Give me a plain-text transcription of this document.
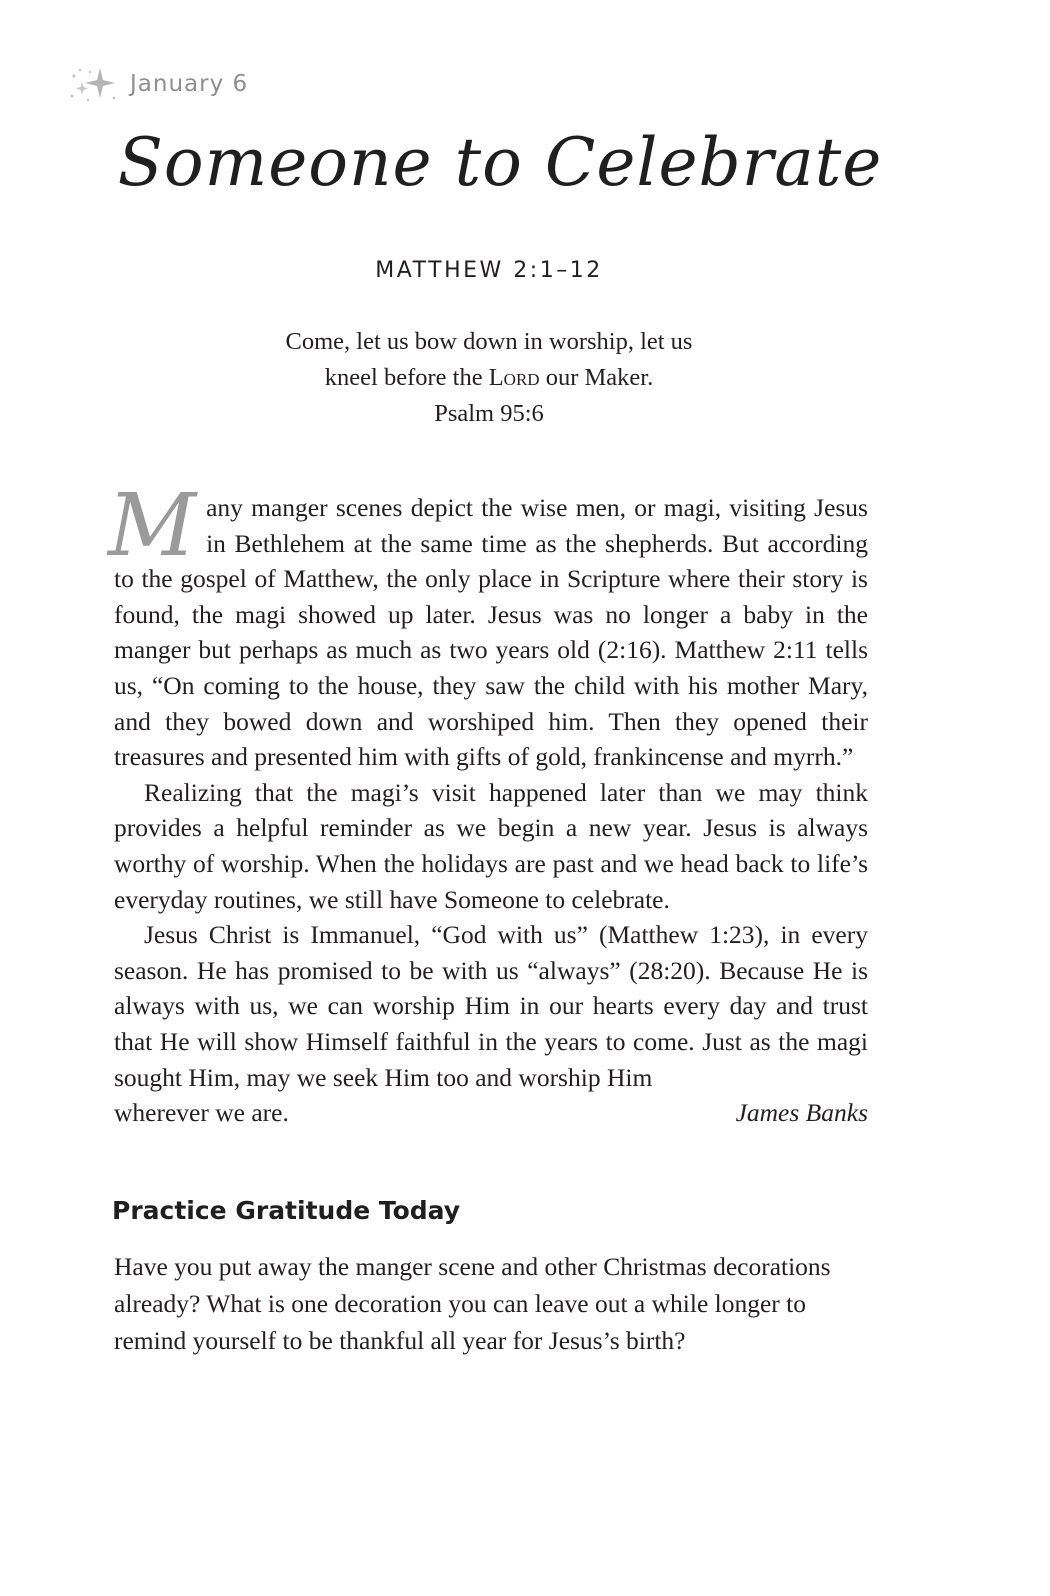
January 6
Someone to Celebrate
MATTHEW 2:1–12
Come, let us bow down in worship, let us
kneel before the Lord our Maker.
Psalm 95:6

Many manger scenes depict the wise men, or magi, visiting Jesus in Bethlehem at the same time as the shepherds. But according to the gospel of Matthew, the only place in Scripture where their story is found, the magi showed up later. Jesus was no longer a baby in the manger but perhaps as much as two years old (2:16). Matthew 2:11 tells us, “On coming to the house, they saw the child with his mother Mary, and they bowed down and worshiped him. Then they opened their treasures and presented him with gifts of gold, frankincense and myrrh.”

Realizing that the magi’s visit happened later than we may think provides a helpful reminder as we begin a new year. Jesus is always worthy of worship. When the holidays are past and we head back to life’s everyday routines, we still have Someone to celebrate.

Jesus Christ is Immanuel, “God with us” (Matthew 1:23), in every season. He has promised to be with us “always” (28:20). Because He is always with us, we can worship Him in our hearts every day and trust that He will show Himself faithful in the years to come. Just as the magi sought Him, may we seek Him too and worship Him

wherever we are.	James Banks
Practice Gratitude Today
Have you put away the manger scene and other Christmas decorations already? What is one decoration you can leave out a while longer to remind yourself to be thankful all year for Jesus’s birth?
